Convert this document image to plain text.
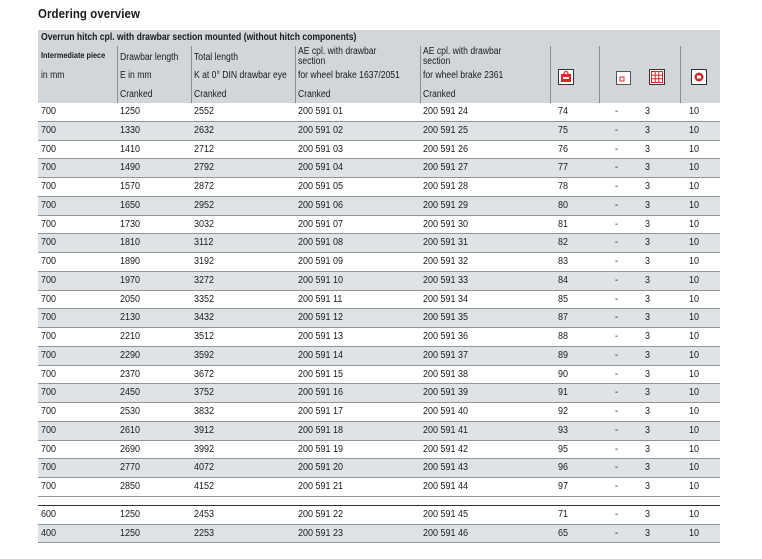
Ordering overview
Overrun hitch cpl. with drawbar section mounted (without hitch components)
Intermediate piece
in mm
Drawbar length
E in mm
Cranked
Total length
K at 0° DIN drawbar eye
Cranked
AE cpl. with drawbar
section
for wheel brake 1637/2051
Cranked
AE cpl. with drawbar
section
for wheel brake 2361
Cranked
700	1250	2552	200 591 01	200 591 24	74	-	3	10
700	1330	2632	200 591 02	200 591 25	75	-	3	10
700	1410	2712	200 591 03	200 591 26	76	-	3	10
700	1490	2792	200 591 04	200 591 27	77	-	3	10
700	1570	2872	200 591 05	200 591 28	78	-	3	10
700	1650	2952	200 591 06	200 591 29	80	-	3	10
700	1730	3032	200 591 07	200 591 30	81	-	3	10
700	1810	3112	200 591 08	200 591 31	82	-	3	10
700	1890	3192	200 591 09	200 591 32	83	-	3	10
700	1970	3272	200 591 10	200 591 33	84	-	3	10
700	2050	3352	200 591 11	200 591 34	85	-	3	10
700	2130	3432	200 591 12	200 591 35	87	-	3	10
700	2210	3512	200 591 13	200 591 36	88	-	3	10
700	2290	3592	200 591 14	200 591 37	89	-	3	10
700	2370	3672	200 591 15	200 591 38	90	-	3	10
700	2450	3752	200 591 16	200 591 39	91	-	3	10
700	2530	3832	200 591 17	200 591 40	92	-	3	10
700	2610	3912	200 591 18	200 591 41	93	-	3	10
700	2690	3992	200 591 19	200 591 42	95	-	3	10
700	2770	4072	200 591 20	200 591 43	96	-	3	10
700	2850	4152	200 591 21	200 591 44	97	-	3	10
600	1250	2453	200 591 22	200 591 45	71	-	3	10
400	1250	2253	200 591 23	200 591 46	65	-	3	10
